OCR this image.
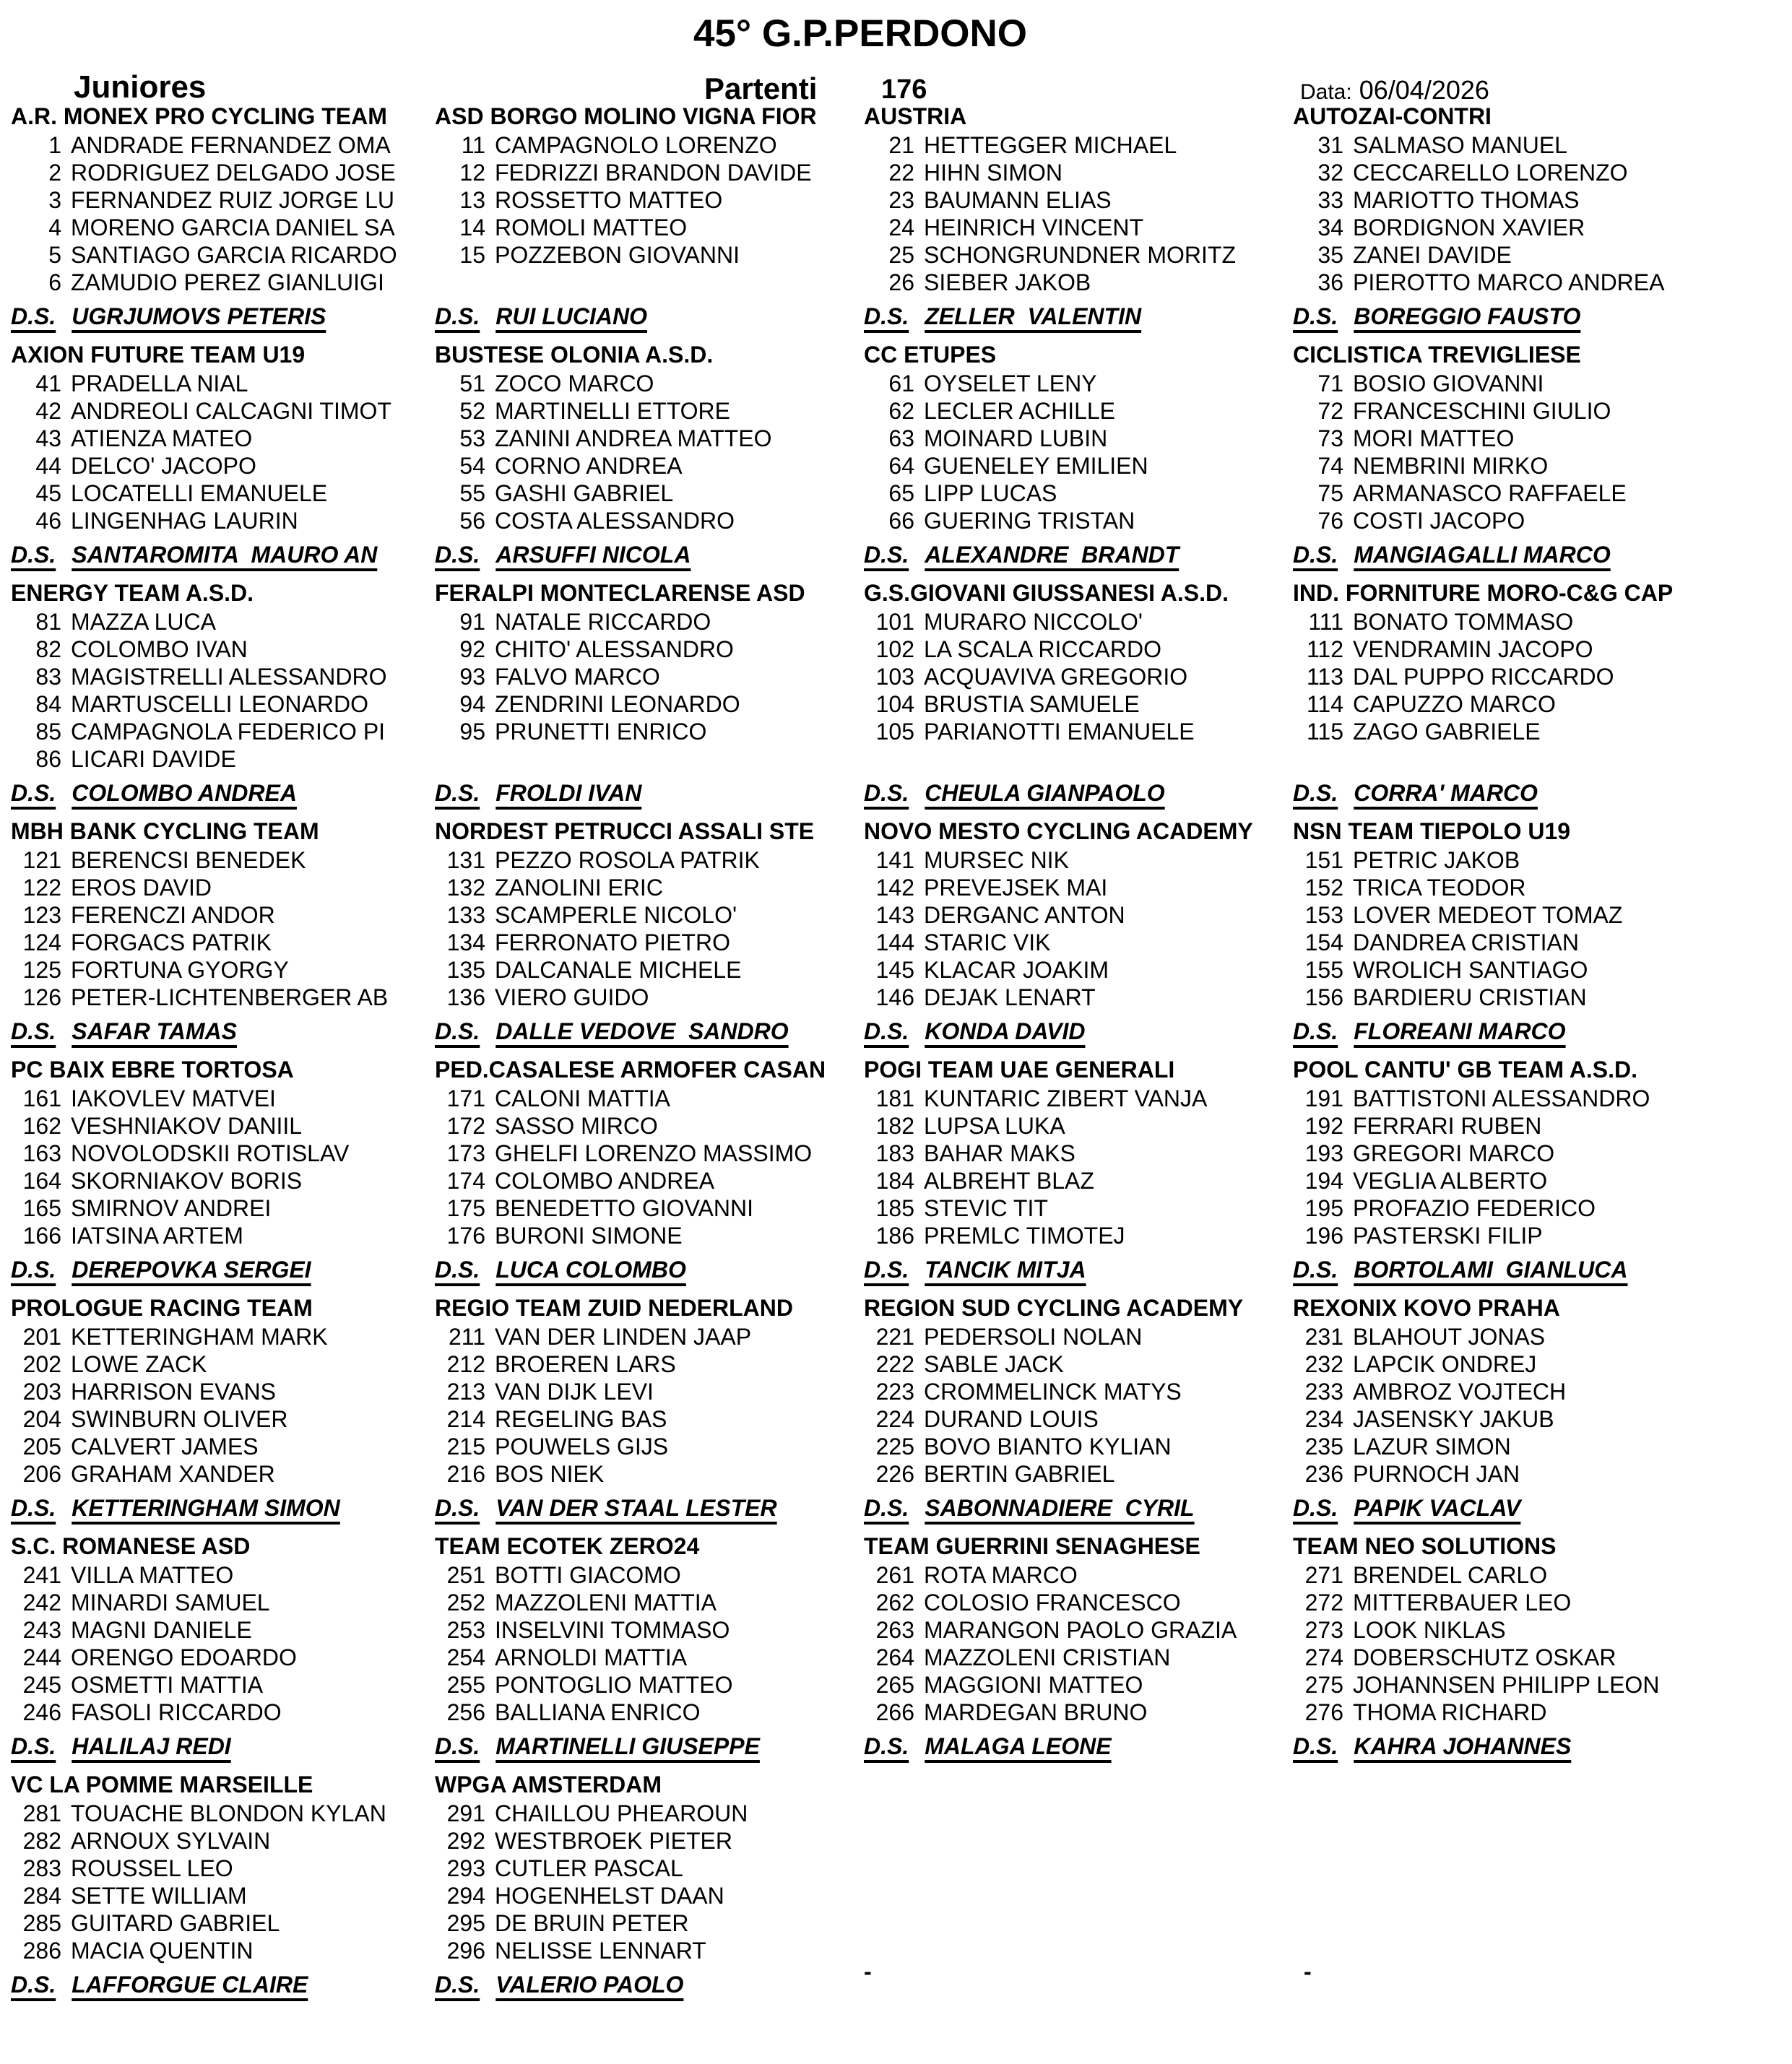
45° G.P.PERDONO
Juniores	Partenti 176	Data: 06/04/2026
A.R. MONEX PRO CYCLING TEAM
1 ANDRADE FERNANDEZ OMA
2 RODRIGUEZ DELGADO JOSE
3 FERNANDEZ RUIZ JORGE LU
4 MORENO GARCIA DANIEL SA
5 SANTIAGO GARCIA RICARDO
6 ZAMUDIO PEREZ GIANLUIGI
D.S. UGRJUMOVS PETERIS
AXION FUTURE TEAM U19
41 PRADELLA NIAL
42 ANDREOLI CALCAGNI TIMOT
43 ATIENZA MATEO
44 DELCO' JACOPO
45 LOCATELLI EMANUELE
46 LINGENHAG LAURIN
D.S. SANTAROMITA  MAURO AN
ENERGY TEAM A.S.D.
81 MAZZA LUCA
82 COLOMBO IVAN
83 MAGISTRELLI ALESSANDRO
84 MARTUSCELLI LEONARDO
85 CAMPAGNOLA FEDERICO PI
86 LICARI DAVIDE
D.S. COLOMBO ANDREA
MBH BANK CYCLING TEAM
121 BERENCSI BENEDEK
122 EROS DAVID
123 FERENCZI ANDOR
124 FORGACS PATRIK
125 FORTUNA GYORGY
126 PETER-LICHTENBERGER AB
D.S. SAFAR TAMAS
PC BAIX EBRE TORTOSA
161 IAKOVLEV MATVEI
162 VESHNIAKOV DANIIL
163 NOVOLODSKII ROTISLAV
164 SKORNIAKOV BORIS
165 SMIRNOV ANDREI
166 IATSINA ARTEM
D.S. DEREPOVKA SERGEI
PROLOGUE RACING TEAM
201 KETTERINGHAM MARK
202 LOWE ZACK
203 HARRISON EVANS
204 SWINBURN OLIVER
205 CALVERT JAMES
206 GRAHAM XANDER
D.S. KETTERINGHAM SIMON
S.C. ROMANESE ASD
241 VILLA MATTEO
242 MINARDI SAMUEL
243 MAGNI DANIELE
244 ORENGO EDOARDO
245 OSMETTI MATTIA
246 FASOLI RICCARDO
D.S. HALILAJ REDI
VC LA POMME MARSEILLE
281 TOUACHE BLONDON KYLAN
282 ARNOUX SYLVAIN
283 ROUSSEL LEO
284 SETTE WILLIAM
285 GUITARD GABRIEL
286 MACIA QUENTIN
D.S. LAFFORGUE CLAIRE
ASD BORGO MOLINO VIGNA FIOR
11 CAMPAGNOLO LORENZO
12 FEDRIZZI BRANDON DAVIDE
13 ROSSETTO MATTEO
14 ROMOLI MATTEO
15 POZZEBON GIOVANNI
D.S. RUI LUCIANO
BUSTESE OLONIA A.S.D.
51 ZOCO MARCO
52 MARTINELLI ETTORE
53 ZANINI ANDREA MATTEO
54 CORNO ANDREA
55 GASHI GABRIEL
56 COSTA ALESSANDRO
D.S. ARSUFFI NICOLA
FERALPI MONTECLARENSE ASD
91 NATALE RICCARDO
92 CHITO' ALESSANDRO
93 FALVO MARCO
94 ZENDRINI LEONARDO
95 PRUNETTI ENRICO
D.S. FROLDI IVAN
NORDEST PETRUCCI ASSALI STE
131 PEZZO ROSOLA PATRIK
132 ZANOLINI ERIC
133 SCAMPERLE NICOLO'
134 FERRONATO PIETRO
135 DALCANALE MICHELE
136 VIERO GUIDO
D.S. DALLE VEDOVE  SANDRO
PED.CASALESE ARMOFER CASAN
171 CALONI MATTIA
172 SASSO MIRCO
173 GHELFI LORENZO MASSIMO
174 COLOMBO ANDREA
175 BENEDETTO GIOVANNI
176 BURONI SIMONE
D.S. LUCA COLOMBO
REGIO TEAM ZUID NEDERLAND
211 VAN DER LINDEN JAAP
212 BROEREN LARS
213 VAN DIJK LEVI
214 REGELING BAS
215 POUWELS GIJS
216 BOS NIEK
D.S. VAN DER STAAL LESTER
TEAM ECOTEK ZERO24
251 BOTTI GIACOMO
252 MAZZOLENI MATTIA
253 INSELVINI TOMMASO
254 ARNOLDI MATTIA
255 PONTOGLIO MATTEO
256 BALLIANA ENRICO
D.S. MARTINELLI GIUSEPPE
WPGA AMSTERDAM
291 CHAILLOU PHEAROUN
292 WESTBROEK PIETER
293 CUTLER PASCAL
294 HOGENHELST DAAN
295 DE BRUIN PETER
296 NELISSE LENNART
D.S. VALERIO PAOLO
AUSTRIA
21 HETTEGGER MICHAEL
22 HIHN SIMON
23 BAUMANN ELIAS
24 HEINRICH VINCENT
25 SCHONGRUNDNER MORITZ
26 SIEBER JAKOB
D.S. ZELLER  VALENTIN
CC ETUPES
61 OYSELET LENY
62 LECLER ACHILLE
63 MOINARD LUBIN
64 GUENELEY EMILIEN
65 LIPP LUCAS
66 GUERING TRISTAN
D.S. ALEXANDRE  BRANDT
G.S.GIOVANI GIUSSANESI A.S.D.
101 MURARO NICCOLO'
102 LA SCALA RICCARDO
103 ACQUAVIVA GREGORIO
104 BRUSTIA SAMUELE
105 PARIANOTTI EMANUELE
D.S. CHEULA GIANPAOLO
NOVO MESTO CYCLING ACADEMY
141 MURSEC NIK
142 PREVEJSEK MAI
143 DERGANC ANTON
144 STARIC VIK
145 KLACAR JOAKIM
146 DEJAK LENART
D.S. KONDA DAVID
POGI TEAM UAE GENERALI
181 KUNTARIC ZIBERT VANJA
182 LUPSA LUKA
183 BAHAR MAKS
184 ALBREHT BLAZ
185 STEVIC TIT
186 PREMLC TIMOTEJ
D.S. TANCIK MITJA
REGION SUD CYCLING ACADEMY
221 PEDERSOLI NOLAN
222 SABLE JACK
223 CROMMELINCK MATYS
224 DURAND LOUIS
225 BOVO BIANTO KYLIAN
226 BERTIN GABRIEL
D.S. SABONNADIERE  CYRIL
TEAM GUERRINI SENAGHESE
261 ROTA MARCO
262 COLOSIO FRANCESCO
263 MARANGON PAOLO GRAZIA
264 MAZZOLENI CRISTIAN
265 MAGGIONI MATTEO
266 MARDEGAN BRUNO
D.S. MALAGA LEONE
AUTOZAI-CONTRI
31 SALMASO MANUEL
32 CECCARELLO LORENZO
33 MARIOTTO THOMAS
34 BORDIGNON XAVIER
35 ZANEI DAVIDE
36 PIEROTTO MARCO ANDREA
D.S. BOREGGIO FAUSTO
CICLISTICA TREVIGLIESE
71 BOSIO GIOVANNI
72 FRANCESCHINI GIULIO
73 MORI MATTEO
74 NEMBRINI MIRKO
75 ARMANASCO RAFFAELE
76 COSTI JACOPO
D.S. MANGIAGALLI MARCO
IND. FORNITURE MORO-C&G CAP
111 BONATO TOMMASO
112 VENDRAMIN JACOPO
113 DAL PUPPO RICCARDO
114 CAPUZZO MARCO
115 ZAGO GABRIELE
D.S. CORRA' MARCO
NSN TEAM TIEPOLO U19
151 PETRIC JAKOB
152 TRICA TEODOR
153 LOVER MEDEOT TOMAZ
154 DANDREA CRISTIAN
155 WROLICH SANTIAGO
156 BARDIERU CRISTIAN
D.S. FLOREANI MARCO
POOL CANTU' GB TEAM A.S.D.
191 BATTISTONI ALESSANDRO
192 FERRARI RUBEN
193 GREGORI MARCO
194 VEGLIA ALBERTO
195 PROFAZIO FEDERICO
196 PASTERSKI FILIP
D.S. BORTOLAMI  GIANLUCA
REXONIX KOVO PRAHA
231 BLAHOUT JONAS
232 LAPCIK ONDREJ
233 AMBROZ VOJTECH
234 JASENSKY JAKUB
235 LAZUR SIMON
236 PURNOCH JAN
D.S. PAPIK VACLAV
TEAM NEO SOLUTIONS
271 BRENDEL CARLO
272 MITTERBAUER LEO
273 LOOK NIKLAS
274 DOBERSCHUTZ OSKAR
275 JOHANNSEN PHILIPP LEON
276 THOMA RICHARD
D.S. KAHRA JOHANNES
-	-
